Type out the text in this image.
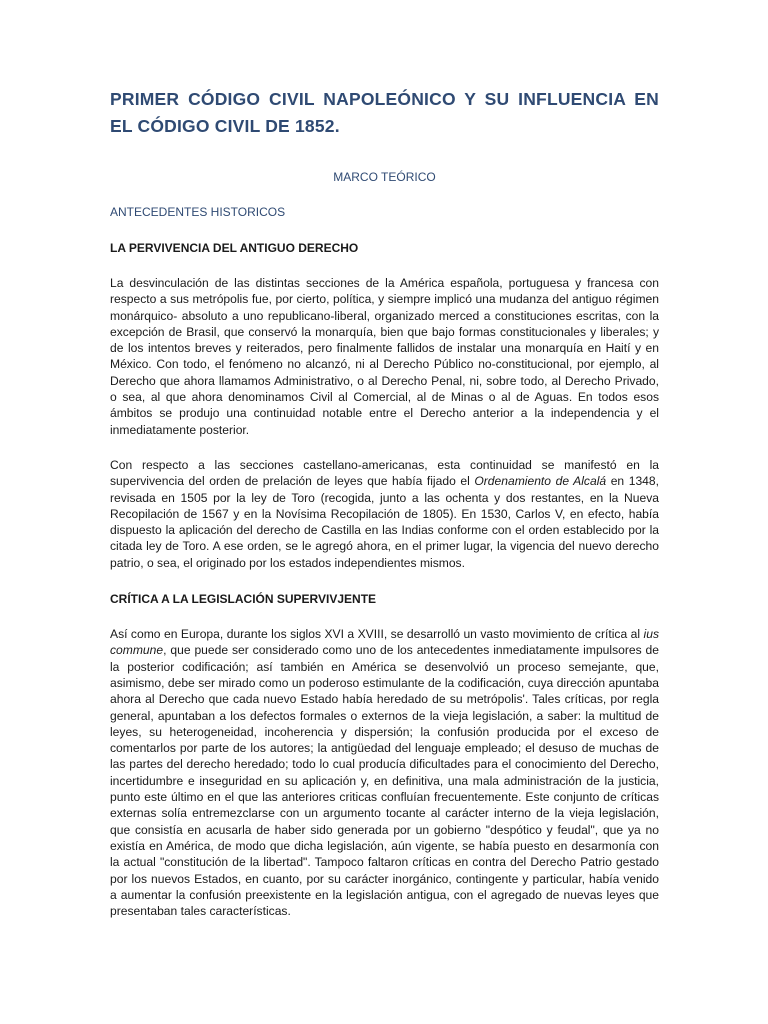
PRIMER CÓDIGO CIVIL NAPOLEÓNICO Y SU INFLUENCIA EN EL CÓDIGO CIVIL DE 1852.
MARCO TEÓRICO
ANTECEDENTES HISTORICOS
LA PERVIVENCIA DEL ANTIGUO DERECHO

La desvinculación de las distintas secciones de la América española, portuguesa y francesa con respecto a sus metrópolis fue, por cierto, política, y siempre implicó una mudanza del antiguo régimen monárquico- absoluto a uno republicano-liberal, organizado merced a constituciones escritas, con la excepción de Brasil, que conservó la monarquía, bien que bajo formas constitucionales y liberales; y de los intentos breves y reiterados, pero finalmente fallidos de instalar una monarquía en Haití y en México. Con todo, el fenómeno no alcanzó, ni al Derecho Público no-constitucional, por ejemplo, al Derecho que ahora llamamos Administrativo, o al Derecho Penal, ni, sobre todo, al Derecho Privado, o sea, al que ahora denominamos Civil al Comercial, al de Minas o al de Aguas. En todos esos ámbitos se produjo una continuidad notable entre el Derecho anterior a la independencia y el inmediatamente posterior.

Con respecto a las secciones castellano-americanas, esta continuidad se manifestó en la supervivencia del orden de prelación de leyes que había fijado el Ordenamiento de Alcalá en 1348, revisada en 1505 por la ley de Toro (recogida, junto a las ochenta y dos restantes, en la Nueva Recopilación de 1567 y en la Novísima Recopilación de 1805). En 1530, Carlos V, en efecto, había dispuesto la aplicación del derecho de Castilla en las Indias conforme con el orden establecido por la citada ley de Toro. A ese orden, se le agregó ahora, en el primer lugar, la vigencia del nuevo derecho patrio, o sea, el originado por los estados independientes mismos.

CRÍTICA A LA LEGISLACIÓN SUPERVIVJENTE

Así como en Europa, durante los siglos XVI a XVIII, se desarrolló un vasto movimiento de crítica al ius commune, que puede ser considerado como uno de los antecedentes inmediatamente impulsores de la posterior codificación; así también en América se desenvolvió un proceso semejante, que, asimismo, debe ser mirado como un poderoso estimulante de la codificación, cuya dirección apuntaba ahora al Derecho que cada nuevo Estado había heredado de su metrópolis'. Tales críticas, por regla general, apuntaban a los defectos formales o externos de la vieja legislación, a saber: la multitud de leyes, su heterogeneidad, incoherencia y dispersión; la confusión producida por el exceso de comentarlos por parte de los autores; la antigüedad del lenguaje empleado; el desuso de muchas de las partes del derecho heredado; todo lo cual producía dificultades para el conocimiento del Derecho, incertidumbre e inseguridad en su aplicación y, en definitiva, una mala administración de la justicia, punto este último en el que las anteriores criticas confluían frecuentemente. Este conjunto de críticas externas solía entremezclarse con un argumento tocante al carácter interno de la vieja legislación, que consistía en acusarla de haber sido generada por un gobierno "despótico y feudal", que ya no existía en América, de modo que dicha legislación, aún vigente, se había puesto en desarmonía con la actual "constitución de la libertad". Tampoco faltaron críticas en contra del Derecho Patrio gestado por los nuevos Estados, en cuanto, por su carácter inorgánico, contingente y particular, había venido a aumentar la confusión preexistente en la legislación antigua, con el agregado de nuevas leyes que presentaban tales características.
